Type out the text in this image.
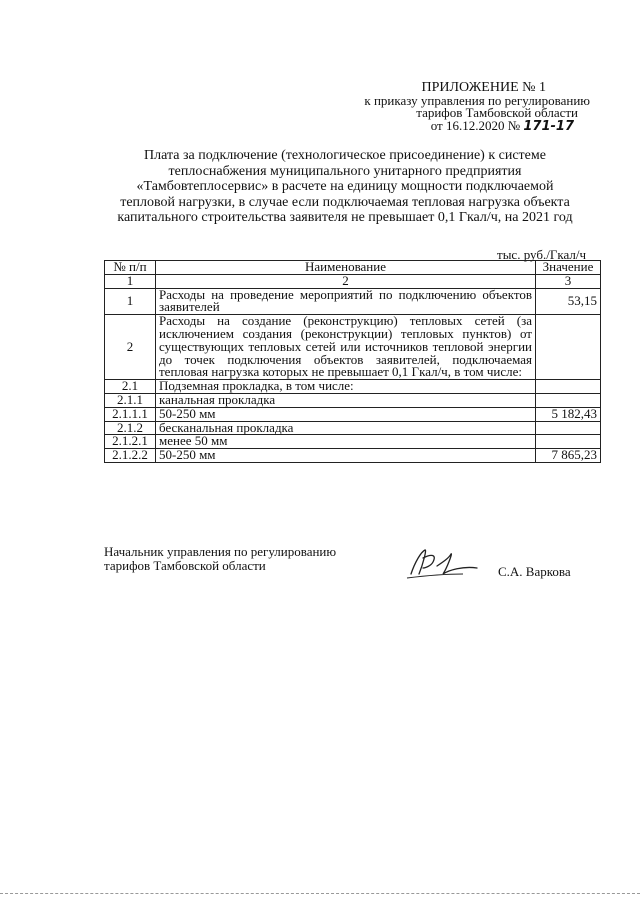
ПРИЛОЖЕНИЕ № 1
к приказу управления по регулированию
тарифов Тамбовской области
от 16.12.2020 № 171-17
Плата за подключение (технологическое присоединение) к системе
теплоснабжения муниципального унитарного предприятия
«Тамбовтеплосервис» в расчете на единицу мощности подключаемой
тепловой нагрузки, в случае если подключаемая тепловая нагрузка объекта
капитального строительства заявителя не превышает 0,1 Гкал/ч, на 2021 год
тыс. руб./Гкал/ч
№ п/п	Наименование	Значение
1	2	3
1	Расходы на проведение мероприятий по подключению объектов заявителей	53,15
2	Расходы на создание (реконструкцию) тепловых сетей (за исключением создания (реконструкции) тепловых пунктов) от существующих тепловых сетей или источников тепловой энергии до точек подключения объектов заявителей, подключаемая тепловая нагрузка которых не превышает 0,1 Гкал/ч, в том числе:	
2.1	Подземная прокладка, в том числе:	
2.1.1	канальная прокладка	
2.1.1.1	50-250 мм	5 182,43
2.1.2	бесканальная прокладка	
2.1.2.1	менее 50 мм	
2.1.2.2	50-250 мм	7 865,23
Начальник управления по регулированию
тарифов Тамбовской области	С.А. Варкова
